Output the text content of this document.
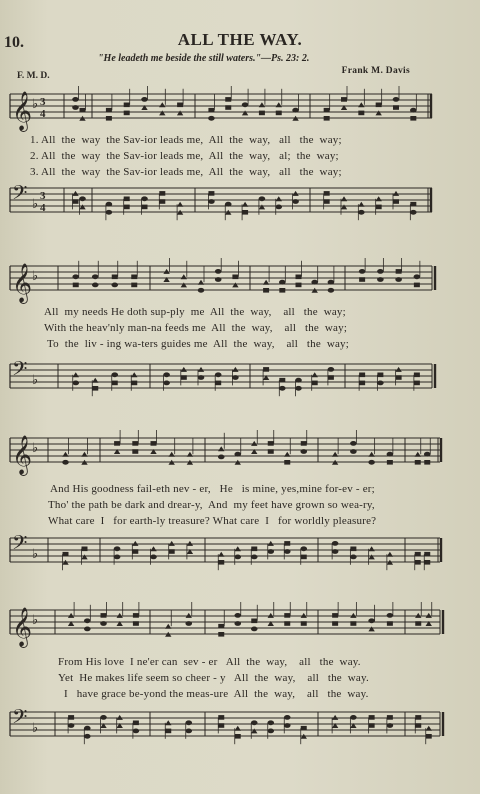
10.	ALL THE WAY.
"He leadeth me beside the still waters."—Ps. 23: 2.
F. M. D.	Frank M. Davis
𝄞 ♭ 3
4
1. All  the  way  the Sav-ior leads me,  All  the  way,   all   the  way;
2. All  the  way  the Sav-ior leads me,  All  the  way,   al;  the  way;
3. All  the  way  the Sav-ior leads me,  All  the  way,   all   the  way;
𝄢 ♭
3
4
𝄞 ♭
All  my needs He doth sup-ply  me  All  the  way,    all   the  way;
With the heav'nly man-na feeds me  All  the  way,    all   the  way;
To  the  liv - ing wa-ters guides me  All  the  way,    all   the  way;
𝄢 ♭
𝄞 ♭
And His goodness fail-eth nev - er,   He   is mine, yes,mine for-ev - er;
Tho' the path be dark and drear-y,  And  my feet have grown so wea-ry,
What care  I   for earth-ly treasure? What care  I   for worldly pleasure?
𝄢 ♭
𝄞 ♭
From His love  I ne'er can  sev - er   All  the  way,    all   the  way.
Yet  He makes life seem so cheer - y   All  the  way,    all   the  way.
I   have grace be-yond the meas-ure  All  the  way,    all   the  way.
𝄢 ♭
